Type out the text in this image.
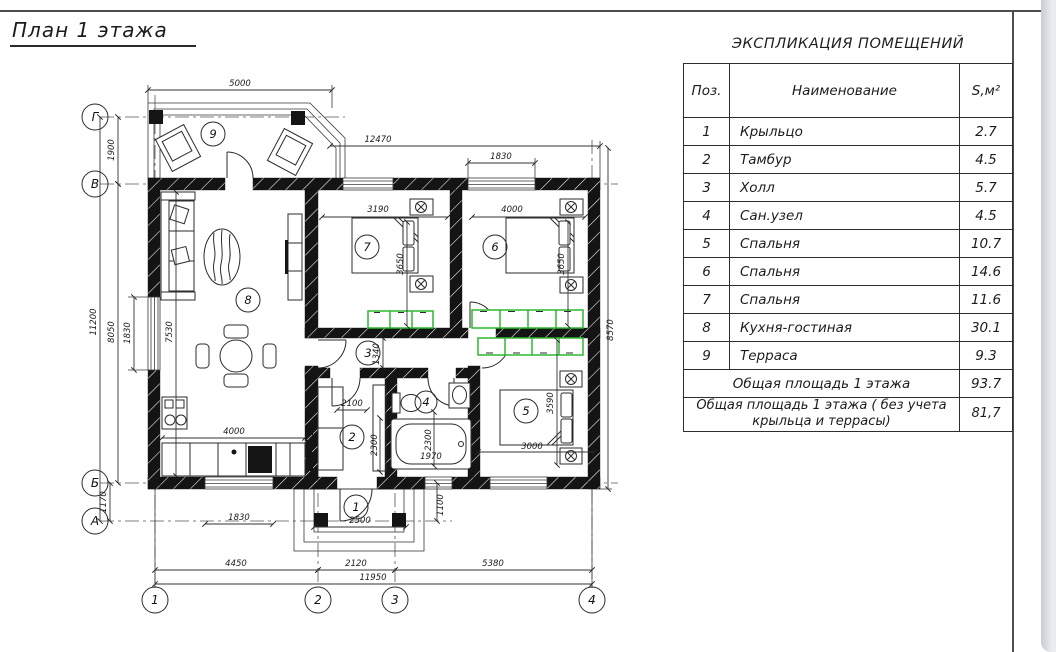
План 1 этажа
5000
12470
1830
3190	4000
3650	3650
8570
1900
11200 8050 1830	7530
1170
4000
1830	2500
1100
4450	2120	5380
11950
1340
2100
2300	2300
1970
3590
3000
1
2
3
4
5
6
7
8
9
Г
В
Б
А
1	2	3	4
ЭКСПЛИКАЦИЯ ПОМЕЩЕНИЙ
Поз.	Наименование	S,м²
1	Крыльцо	2.7
2	Тамбур	4.5
3	Холл	5.7
4	Сан.узел	4.5
5	Спальня	10.7
6	Спальня	14.6
7	Спальня	11.6
8	Кухня-гостиная	30.1
9	Терраса	9.3
Общая площадь 1 этажа		93.7
Общая площадь 1 этажа ( без учета крыльца и террасы)		81,7
